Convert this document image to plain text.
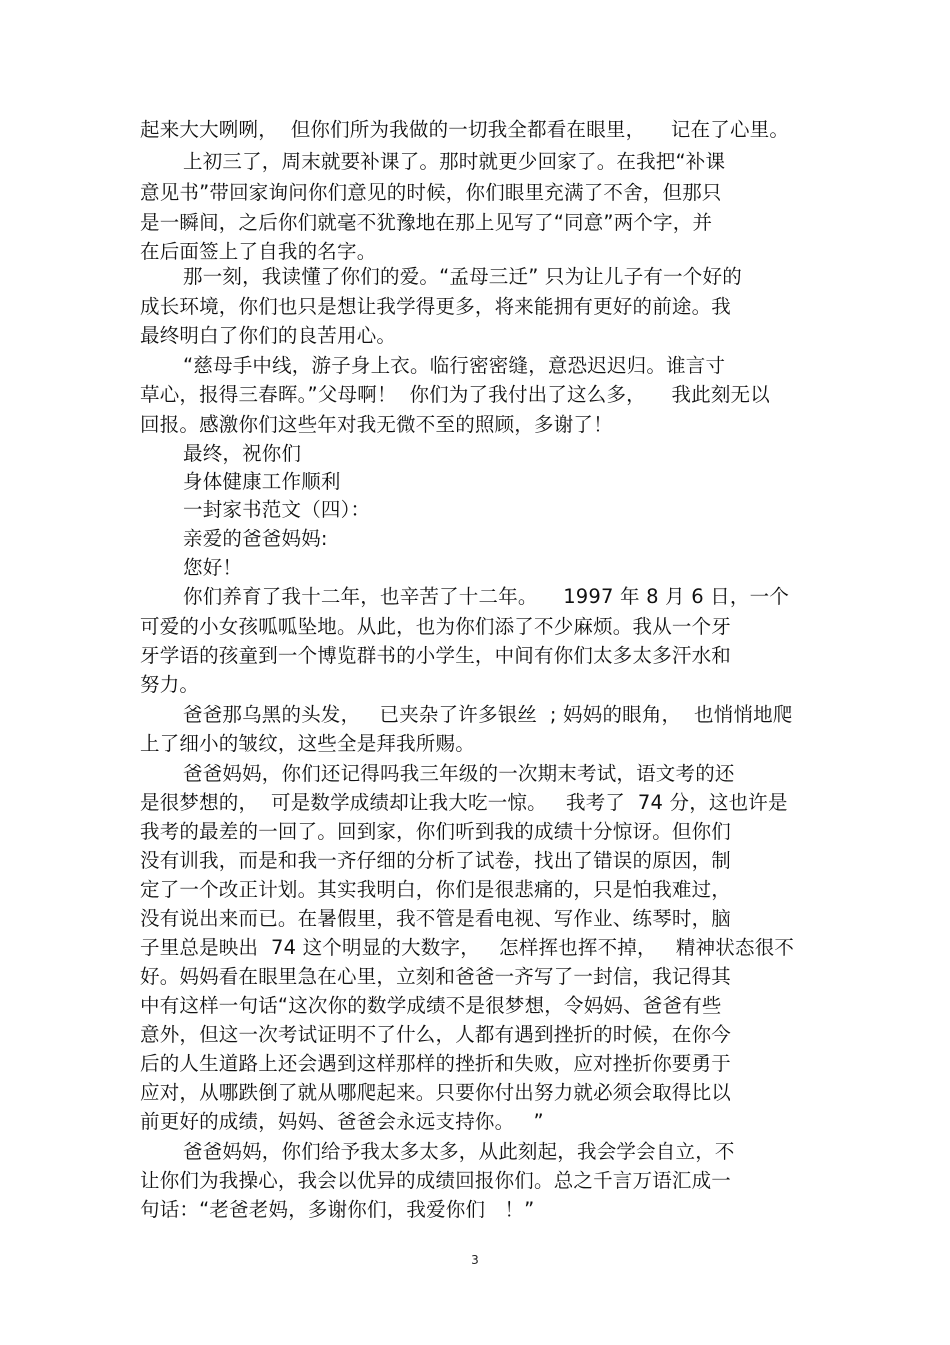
起来大大咧咧，  但你们所为我做的一切我全都看在眼里，    记在了心里。
上初三了，周末就要补课了。那时就更少回家了。在我把“补课
意见书”带回家询问你们意见的时候，你们眼里充满了不舍，但那只
是一瞬间，之后你们就毫不犹豫地在那上见写了“同意”两个字，并
在后面签上了自我的名字。
那一刻，我读懂了你们的爱。“孟母三迁” 只为让儿子有一个好的
成长环境，你们也只是想让我学得更多，将来能拥有更好的前途。我
最终明白了你们的良苦用心。
“慈母手中线，游子身上衣。临行密密缝，意恐迟迟归。谁言寸
草心，报得三春晖。”父母啊！  你们为了我付出了这么多，    我此刻无以
回报。感激你们这些年对我无微不至的照顾，多谢了！
最终，祝你们
身体健康工作顺利
一封家书范文（四）：
亲爱的爸爸妈妈:
您好！
你们养育了我十二年，也辛苦了十二年。    1997 年 8 月 6 日，一个
可爱的小女孩呱呱坠地。从此，也为你们添了不少麻烦。我从一个牙
牙学语的孩童到一个博览群书的小学生，中间有你们太多太多汗水和
努力。
爸爸那乌黑的头发，   已夹杂了许多银丝  ; 妈妈的眼角，  也悄悄地爬
上了细小的皱纹，这些全是拜我所赐。
爸爸妈妈，你们还记得吗我三年级的一次期末考试，语文考的还
是很梦想的，  可是数学成绩却让我大吃一惊。   我考了  74 分，这也许是
我考的最差的一回了。回到家，你们听到我的成绩十分惊讶。但你们
没有训我，而是和我一齐仔细的分析了试卷，找出了错误的原因，制
定了一个改正计划。其实我明白，你们是很悲痛的，只是怕我难过，
没有说出来而已。在暑假里，我不管是看电视、写作业、练琴时，脑
子里总是映出  74 这个明显的大数字，   怎样挥也挥不掉，   精神状态很不
好。妈妈看在眼里急在心里，立刻和爸爸一齐写了一封信，我记得其
中有这样一句话“这次你的数学成绩不是很梦想，令妈妈、爸爸有些
意外，但这一次考试证明不了什么，人都有遇到挫折的时候，在你今
后的人生道路上还会遇到这样那样的挫折和失败，应对挫折你要勇于
应对，从哪跌倒了就从哪爬起来。只要你付出努力就必须会取得比以
前更好的成绩，妈妈、爸爸会永远支持你。   ”
爸爸妈妈，你们给予我太多太多，从此刻起，我会学会自立，不
让你们为我操心，我会以优异的成绩回报你们。总之千言万语汇成一
句话：“老爸老妈，多谢你们，我爱你们   ！”
3
